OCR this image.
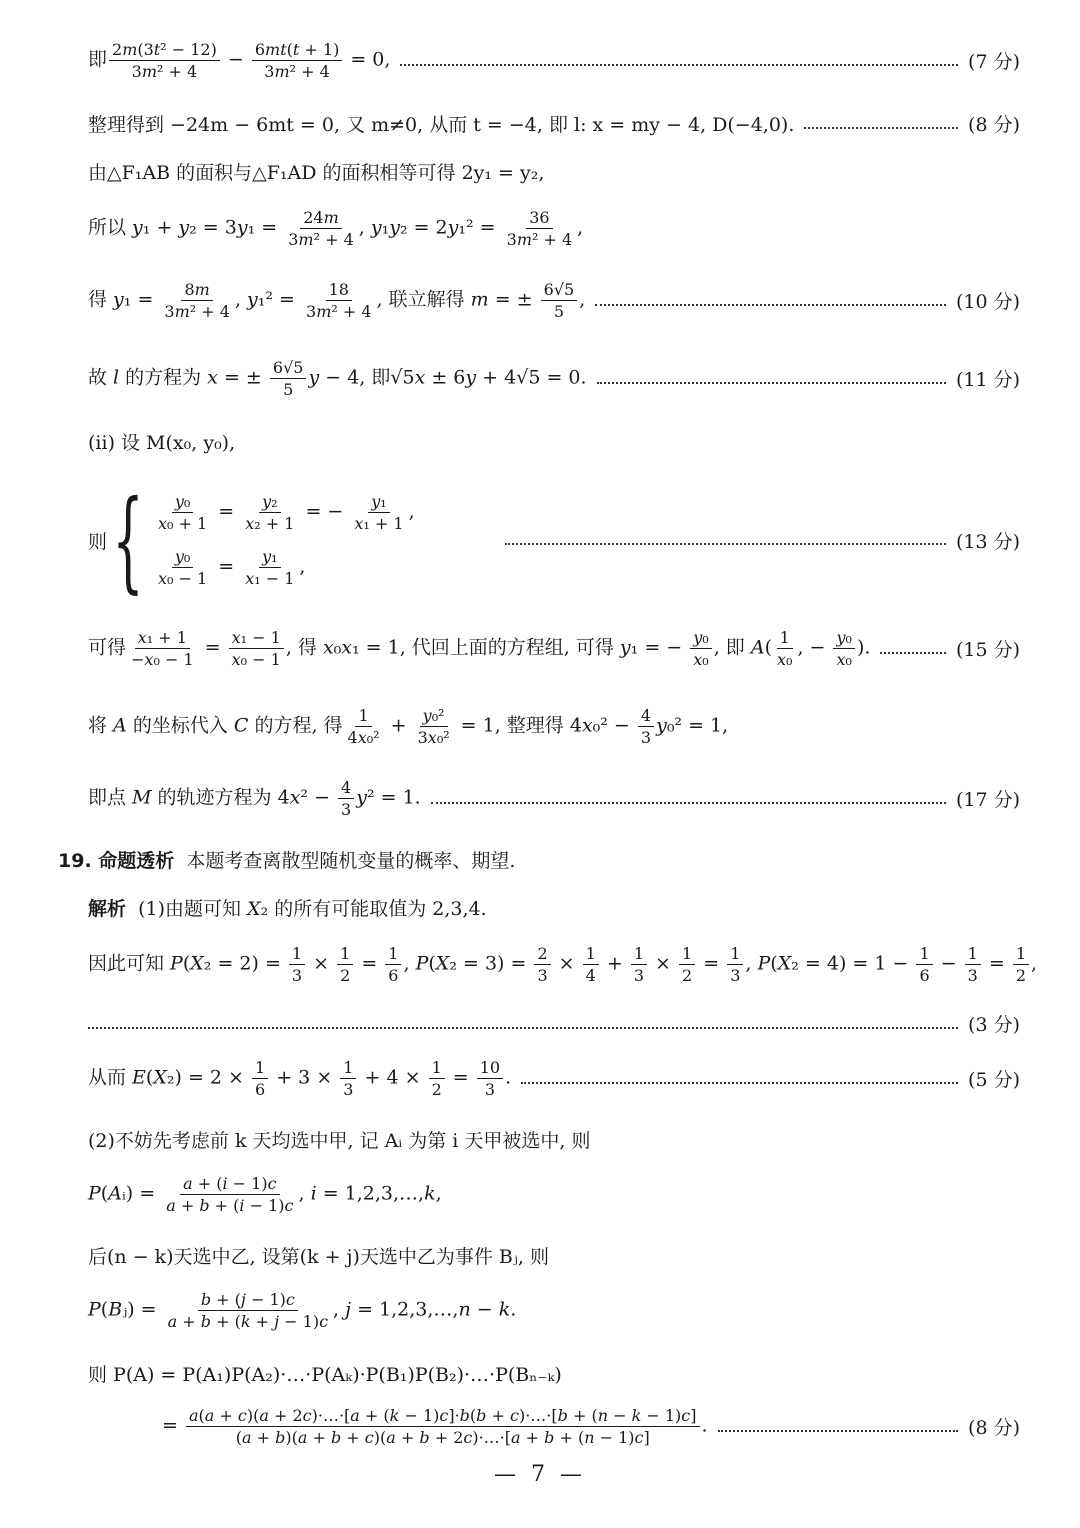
即 $\frac{\text{2m(3t² − 12)}}{\text{3m² + 4}} - \frac{6mt(t + 1)}{\text{3m² + 4}} = 0$,	(7 分)
整理得到 −24m − 6mt = 0, 又 m≠0, 从而 t = −4, 即 l: x = my − 4, D(−4,0).	(8 分)
由△F₁AB 的面积与△F₁AD 的面积相等可得 2y₁ = y₂,
所以 $y_1 + y_2 = 3y_1 = \frac{24m}{\text{3m² + 4}}$ , $y_1y_2 = 2y_1^2 = \frac{36}{\text{3m² + 4}}$ ,
得 $y_1 = \frac{8m}{\text{3m² + 4}}$ , $y_1^2 = \frac{18}{\text{3m² + 4}}$ , 联立解得 m = ± $\frac{6√5}{5}$ ,	(10 分)
故 l 的方程为 x = ± $\frac{6√5}{5}$ y − 4, 即√5x ± 6y + 4√5 = 0.	(11 分)
(ⅱ) 设 M(x₀, y₀),
则 { $\frac{\text{y₀}}{\text{x₀ + 1}} = \frac{\text{y₂}}{\text{x₂ + 1}}$ = − $\frac{\text{y₁}}{\text{x₁ + 1}}$ ,
$\frac{\text{y₀}}{\text{x₀ − 1}} = \frac{\text{y₁}}{\text{x₁ − 1}}$ ,
(13 分)
可得 $\frac{\text{x₁ + 1}}{\text{−x₀ − 1}} = \frac{\text{x₁ − 1}}{\text{x₀ − 1}}$ , 得 x₀x₁ = 1, 代回上面的方程组, 可得 y₁ = − $\frac{\text{y₀}}{\text{x₀}}$ , 即 $A( \frac{1}{\text{x₀}}$ , − $\frac{\text{y₀}}{\text{x₀}}$ ).	(15 分)
将 A 的坐标代入 C 的方程, 得 $\frac{1}{\text{4x₀²}} + \frac{\text{y₀²}}{\text{3x₀²}} = 1$, 整理得 $4x_0^2 - \frac{4}{3} y_0^2 = 1$,
即点 M 的轨迹方程为 $4x^2 - \frac{4}{3} y^2 = 1$.	(17 分)
19. 命题透析  本题考查离散型随机变量的概率、期望.
解析  (1)由题可知 X₂ 的所有可能取值为 2,3,4.
因此可知 $P(X_2 = 2) = \frac{1}{3} \times \frac{1}{2} = \frac{1}{6}$ , $P(X_2 = 3) = \frac{2}{3} \times \frac{1}{4} + \frac{1}{3} \times \frac{1}{2} = \frac{1}{3}$ , $P(X_2 = 4) = 1 - \frac{1}{6} - \frac{1}{3} = \frac{1}{2}$ ,
(3 分)
从而 $E(X_2) = 2 \times \frac{1}{6} + 3 \times \frac{1}{3} + 4 \times \frac{1}{2} = \frac{10}{3}$ .	(5 分)
(2)不妨先考虑前 k 天均选中甲, 记 Aᵢ 为第 i 天甲被选中, 则
P(Aᵢ) = $\frac{a + (i - 1)c}{a + b + (i - 1)c}$ , i = 1,2,3,…,k,
后(n − k)天选中乙, 设第(k + j)天选中乙为事件 Bⱼ, 则
P(Bⱼ) = $\frac{b + (j - 1)c}{a + b + (k + j - 1)c}$ , j = 1,2,3,…,n − k.
则 P(A) = P(A₁)P(A₂)·…·P(Aₖ)·P(B₁)P(B₂)·…·P(Bₙ₋ₖ)
= a(a + c)(a + 2c)·…·[a + (k − 1)c]·b(b + c)·…·[b + (n − k − 1)c]
(a + b)(a + b + c)(a + b + 2c)·…·[a + b + (n − 1)c]
.	(8 分)
— 7 —
